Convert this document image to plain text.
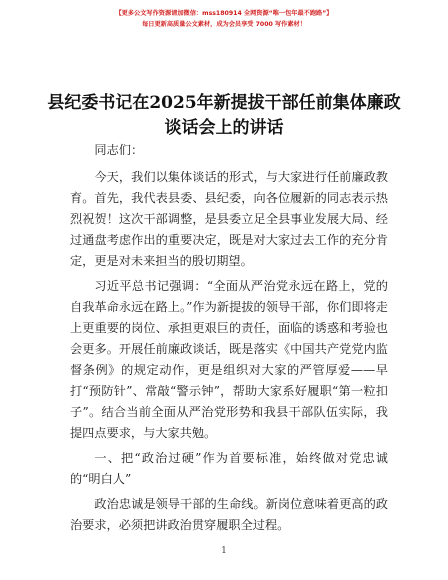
【更多公文写作资源请加微信：mss180914 全网资源“唯一包年最不跑路”】
每日更新高质量公文素材，成为会员享受 7000 写作素材！
县纪委书记在2025年新提拔干部任前集体廉政
谈话会上的讲话

同志们：

今天，我们以集体谈话的形式，与大家进行任前廉政教育。首先，我代表县委、县纪委，向各位履新的同志表示热烈祝贺！这次干部调整，是县委立足全县事业发展大局、经过通盘考虑作出的重要决定，既是对大家过去工作的充分肯定，更是对未来担当的殷切期望。

习近平总书记强调：“全面从严治党永远在路上，党的自我革命永远在路上。”作为新提拔的领导干部，你们即将走上更重要的岗位、承担更艰巨的责任，面临的诱惑和考验也会更多。开展任前廉政谈话，既是落实《中国共产党党内监督条例》的规定动作，更是组织对大家的严管厚爱——早打“预防针”、常敲“警示钟”，帮助大家系好履职“第一粒扣子”。结合当前全面从严治党形势和我县干部队伍实际，我提四点要求，与大家共勉。

一、把“政治过硬”作为首要标准，始终做对党忠诚的“明白人”

政治忠诚是领导干部的生命线。新岗位意味着更高的政治要求，必须把讲政治贯穿履职全过程。

1
